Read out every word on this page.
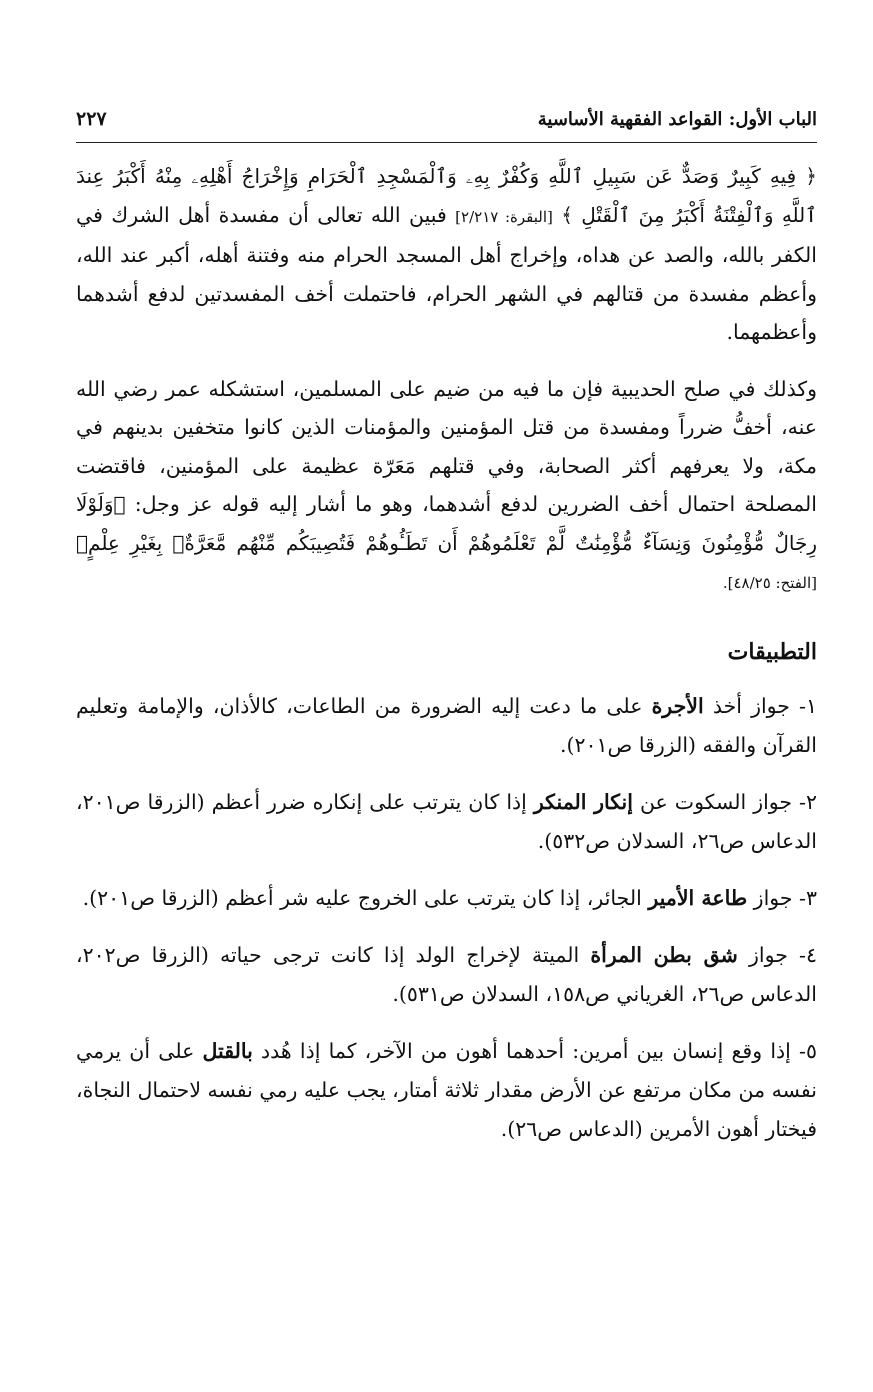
الباب الأول: القواعد الفقهية الأساسية
٢٢٧

﴿ فِيهِ كَبِيرٌ وَصَدٌّ عَن سَبِيلِ ٱللَّهِ وَكُفْرٌ بِهِۦ وَٱلْمَسْجِدِ ٱلْحَرَامِ وَإِخْرَاجُ أَهْلِهِۦ مِنْهُ أَكْبَرُ عِندَ ٱللَّهِ وَٱلْفِتْنَةُ أَكْبَرُ مِنَ ٱلْقَتْلِ ﴾ [البقرة: ٢/٢١٧] فبين الله تعالى أن مفسدة أهل الشرك في الكفر بالله، والصد عن هداه، وإخراج أهل المسجد الحرام منه وفتنة أهله، أكبر عند الله، وأعظم مفسدة من قتالهم في الشهر الحرام، فاحتملت أخف المفسدتين لدفع أشدهما وأعظمهما.

وكذلك في صلح الحديبية فإن ما فيه من ضيم على المسلمين، استشكله عمر رضي الله عنه، أخفُّ ضرراً ومفسدة من قتل المؤمنين والمؤمنات الذين كانوا متخفين بدينهم في مكة، ولا يعرفهم أكثر الصحابة، وفي قتلهم مَعَرّة عظيمة على المؤمنين، فاقتضت المصلحة احتمال أخف الضررين لدفع أشدهما، وهو ما أشار إليه قوله عز وجل: ﴿وَلَوْلَا رِجَالٌ مُّؤْمِنُونَ وَنِسَآءٌ مُّؤْمِنَٰتٌ لَّمْ تَعْلَمُوهُمْ أَن تَطَـُٔوهُمْ فَتُصِيبَكُم مِّنْهُم مَّعَرَّةٌۢ بِغَيْرِ عِلْمٍ﴾ [الفتح: ٤٨/٢٥].

التطبيقات

١- جواز أخذ الأجرة على ما دعت إليه الضرورة من الطاعات، كالأذان، والإمامة وتعليم القرآن والفقه (الزرقا ص٢٠١).

٢- جواز السكوت عن إنكار المنكر إذا كان يترتب على إنكاره ضرر أعظم (الزرقا ص٢٠١، الدعاس ص٢٦، السدلان ص٥٣٢).

٣- جواز طاعة الأمير الجائر، إذا كان يترتب على الخروج عليه شر أعظم (الزرقا ص٢٠١).

٤- جواز شق بطن المرأة الميتة لإخراج الولد إذا كانت ترجى حياته (الزرقا ص٢٠٢، الدعاس ص٢٦، الغرياني ص١٥٨، السدلان ص٥٣١).

٥- إذا وقع إنسان بين أمرين: أحدهما أهون من الآخر، كما إذا هُدد بالقتل على أن يرمي نفسه من مكان مرتفع عن الأرض مقدار ثلاثة أمتار، يجب عليه رمي نفسه لاحتمال النجاة، فيختار أهون الأمرين (الدعاس ص٢٦).
